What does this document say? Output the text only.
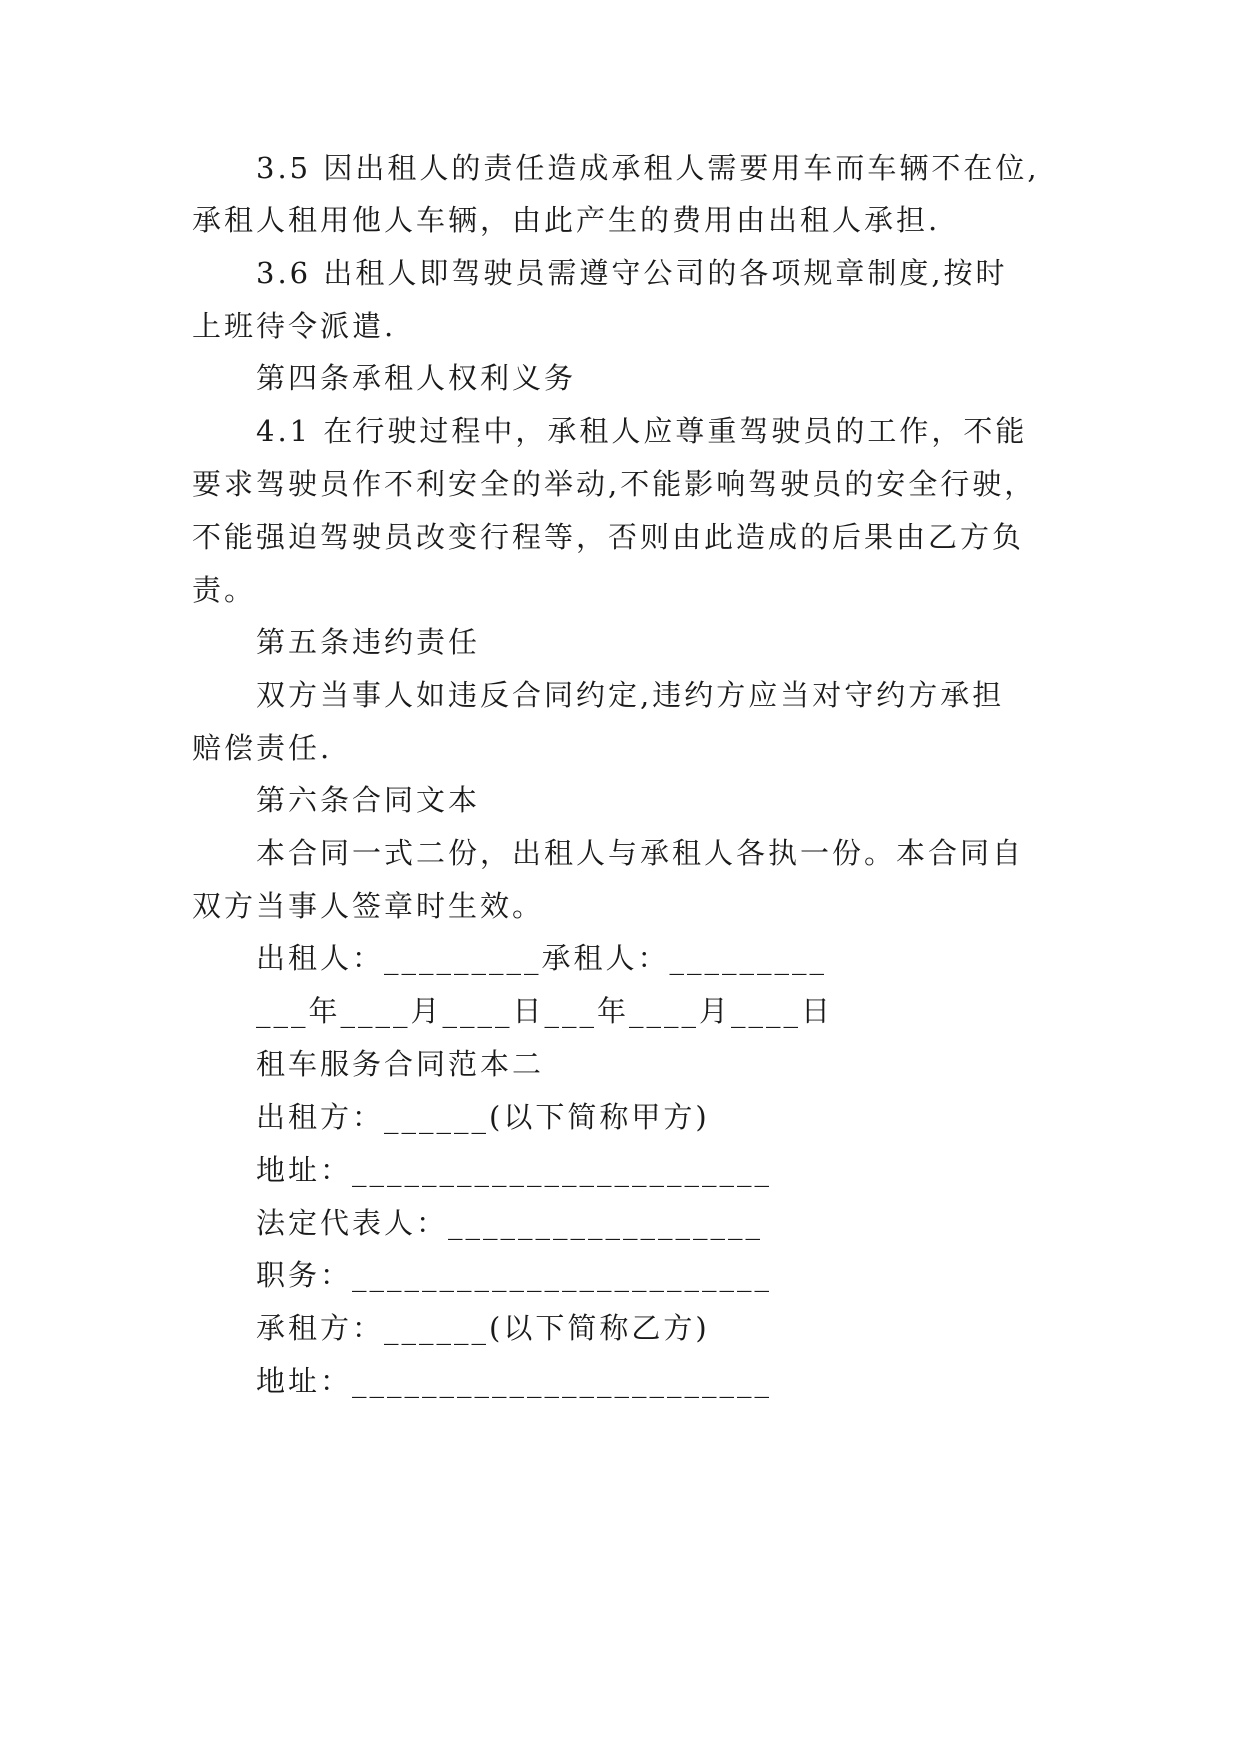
3.5 因出租人的责任造成承租人需要用车而车辆不在位,
承租人租用他人车辆，由此产生的费用由出租人承担.
3.6 出租人即驾驶员需遵守公司的各项规章制度,按时
上班待令派遣.
第四条承租人权利义务
4.1 在行驶过程中，承租人应尊重驾驶员的工作，不能
要求驾驶员作不利安全的举动,不能影响驾驶员的安全行驶，
不能强迫驾驶员改变行程等，否则由此造成的后果由乙方负
责。
第五条违约责任
双方当事人如违反合同约定,违约方应当对守约方承担
赔偿责任.
第六条合同文本
本合同一式二份，出租人与承租人各执一份。本合同自
双方当事人签章时生效。
出租人：_________承租人：_________
___年____月____日___年____月____日
租车服务合同范本二
出租方：______(以下简称甲方)
地址：________________________
法定代表人：__________________
职务：________________________
承租方：______(以下简称乙方)
地址：________________________
